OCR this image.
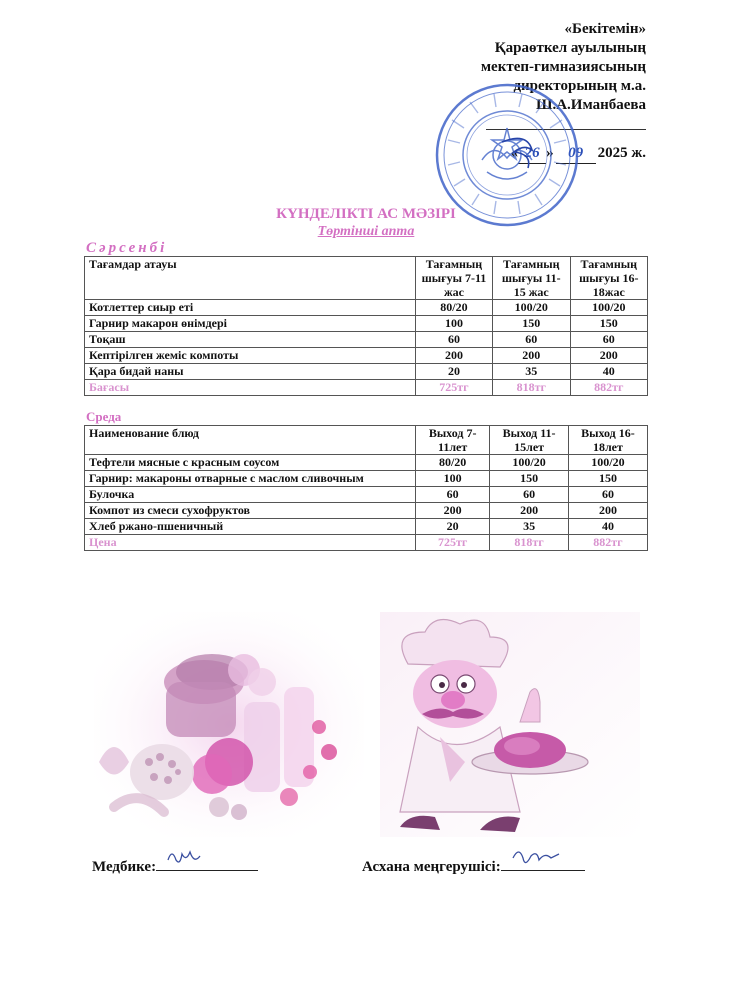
«Бекітемін»
Қараөткел ауылының
мектеп-гимназиясының
директорының м.а.
Ш.А.Иманбаева
« 26 » 09 2025 ж.
КҮНДЕЛІКТІ АС МӘЗІРІ
Төртінші апта
Сәрсенбі
Тағамдар атауы	Тағамның шығуы 7-11 жас	Тағамның шығуы 11-15 жас	Тағамның шығуы 16-18жас
Котлеттер сиыр еті	80/20	100/20	100/20
Гарнир макарон өнімдері	100	150	150
Тоқаш	60	60	60
Кептірілген жеміс компоты	200	200	200
Қара бидай наны	20	35	40
Бағасы	725тг	818тг	882тг
Среда
Наименование блюд	Выход 7-11лет	Выход 11-15лет	Выход 16-18лет
Тефтели мясные с красным соусом	80/20	100/20	100/20
Гарнир: макароны отварные с маслом сливочным	100	150	150
Булочка	60	60	60
Компот из смеси сухофруктов	200	200	200
Хлеб ржано-пшеничный	20	35	40
Цена	725тг	818тг	882тг
Медбике:	Асхана меңгерушісі:
